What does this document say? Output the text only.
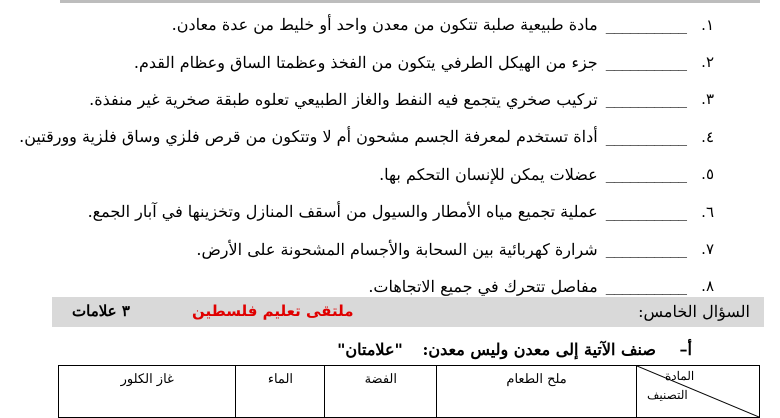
١.
__________
مادة طبيعية صلبة تتكون من معدن واحد أو خليط من عدة معادن.
٢.
__________
جزء من الهيكل الطرفي يتكون من الفخذ وعظمتا الساق وعظام القدم.
٣.
__________
تركيب صخري يتجمع فيه النفط والغاز الطبيعي تعلوه طبقة صخرية غير منفذة.
٤.
__________
أداة تستخدم لمعرفة الجسم مشحون أم لا وتتكون من قرص فلزي وساق فلزية وورقتين.
٥.
__________
عضلات يمكن للإنسان التحكم بها.
٦.
__________
عملية تجميع مياه الأمطار والسيول من أسقف المنازل وتخزينها في آبار الجمع.
٧.
__________
شرارة كهربائية بين السحابة والأجسام المشحونة على الأرض.
٨.
__________
مفاصل تتحرك في جميع الاتجاهات.
السؤال الخامس:
ملتقى تعليم فلسطين
٣ علامات
أ– صنف الآتية إلى معدن وليس معدن: "علامتان"
المادة
التصنيف
	ملح الطعام	الفضة	الماء	غاز الكلور
